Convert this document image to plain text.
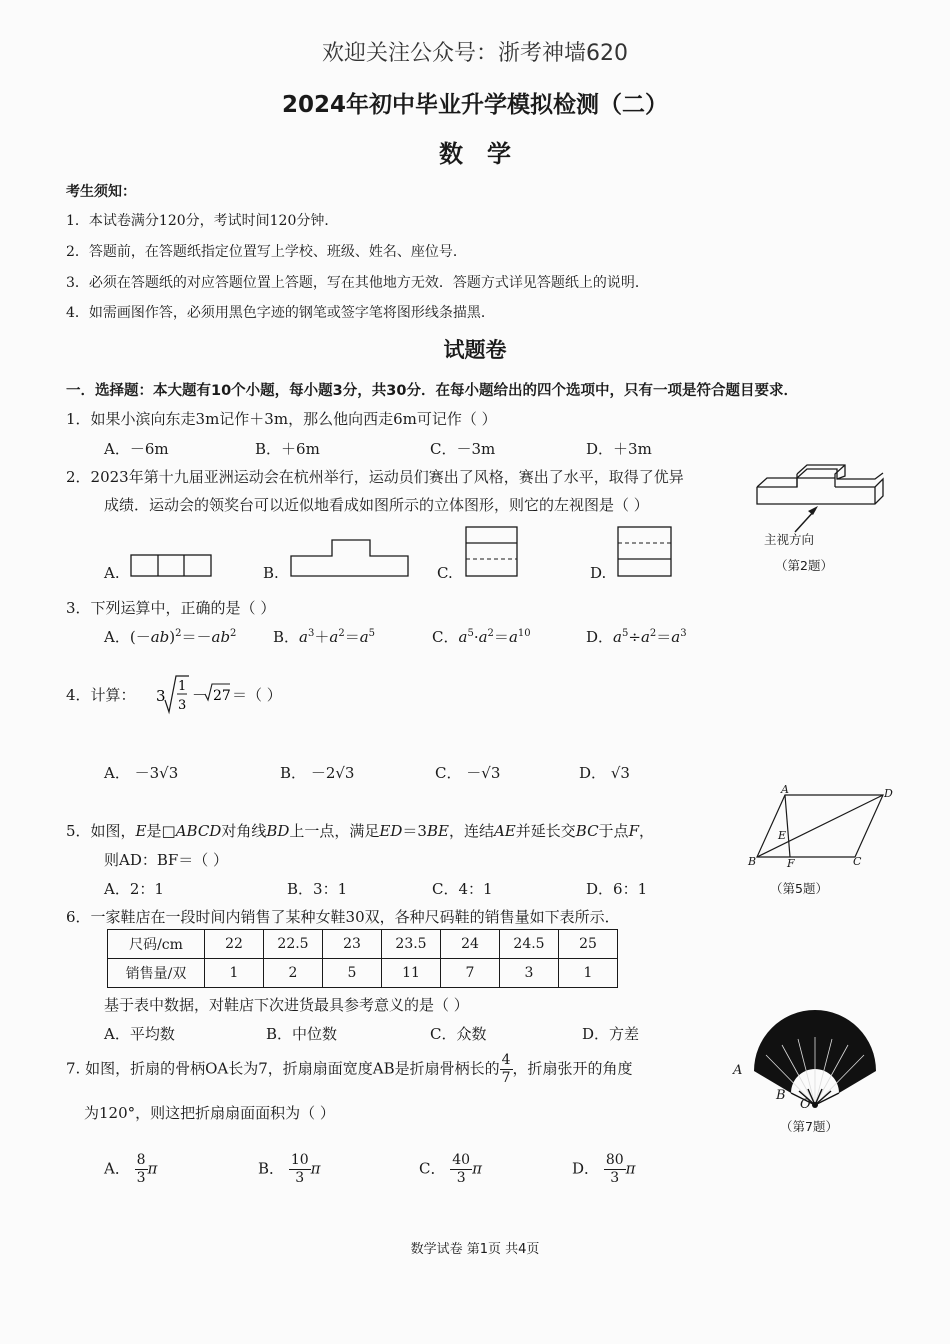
欢迎关注公众号：浙考神墙620
2024年初中毕业升学模拟检测（二）
数学
考生须知：
1．本试卷满分120分，考试时间120分钟．
2．答题前，在答题纸指定位置写上学校、班级、姓名、座位号．
3．必须在答题纸的对应答题位置上答题，写在其他地方无效．答题方式详见答题纸上的说明．
4．如需画图作答，必须用黑色字迹的钢笔或签字笔将图形线条描黑．
试题卷
一．选择题：本大题有10个小题，每小题3分，共30分．在每小题给出的四个选项中，只有一项是符合题目要求．
1．如果小滨向东走3m记作＋3m，那么他向西走6m可记作（ ）
A．－6m	B．＋6m	C．－3m	D．＋3m
2．2023年第十九届亚洲运动会在杭州举行，运动员们赛出了风格，赛出了水平，取得了优异
成绩．运动会的领奖台可以近似地看成如图所示的立体图形，则它的左视图是（ ）
主视方向
（第2题）
A.	B.	C.	D.
3．下列运算中，正确的是（ ）
A．$(-ab)^2=-ab^2$ B．$a^3+a^2=a^5$	C．$a^5\cdot a^2=a^{10}$	D．$a^5\div a^2=a^3$
4．计算： 3
1
3
－ 27 ＝（ ）
A． －3√3	B． －2√3	C． －√3	D． √3
5．如图，E是□ABCD对角线BD上一点，满足ED＝3BE，连结AE并延长交BC于点F，
则AD：BF＝（ ）
A．2：1	B．3：1	C．4：1	D．6：1
A	D
E
B	F	C
（第5题）
6．一家鞋店在一段时间内销售了某种女鞋30双，各种尺码鞋的销售量如下表所示．
尺码/cm	22	22.5	23	23.5	24	24.5	25
销售量/双	1	2	5	11	7	3	1
基于表中数据，对鞋店下次进货最具参考意义的是（ ）
A．平均数	B．中位数	C．众数	D．方差
7. 如图，折扇的骨柄OA长为7，折扇扇面宽度AB是折扇骨柄长的 $\frac{4}{7}$ ，折扇张开的角度
为120°，则这把折扇扇面面积为（ ）
A． $\frac{8}{3}$ π	B． $\frac{10}{3}$ π	C． $\frac{40}{3}$ π	D． $\frac{80}{3}$ π
A
B
O
（第7题）
数学试卷 第1页 共4页
